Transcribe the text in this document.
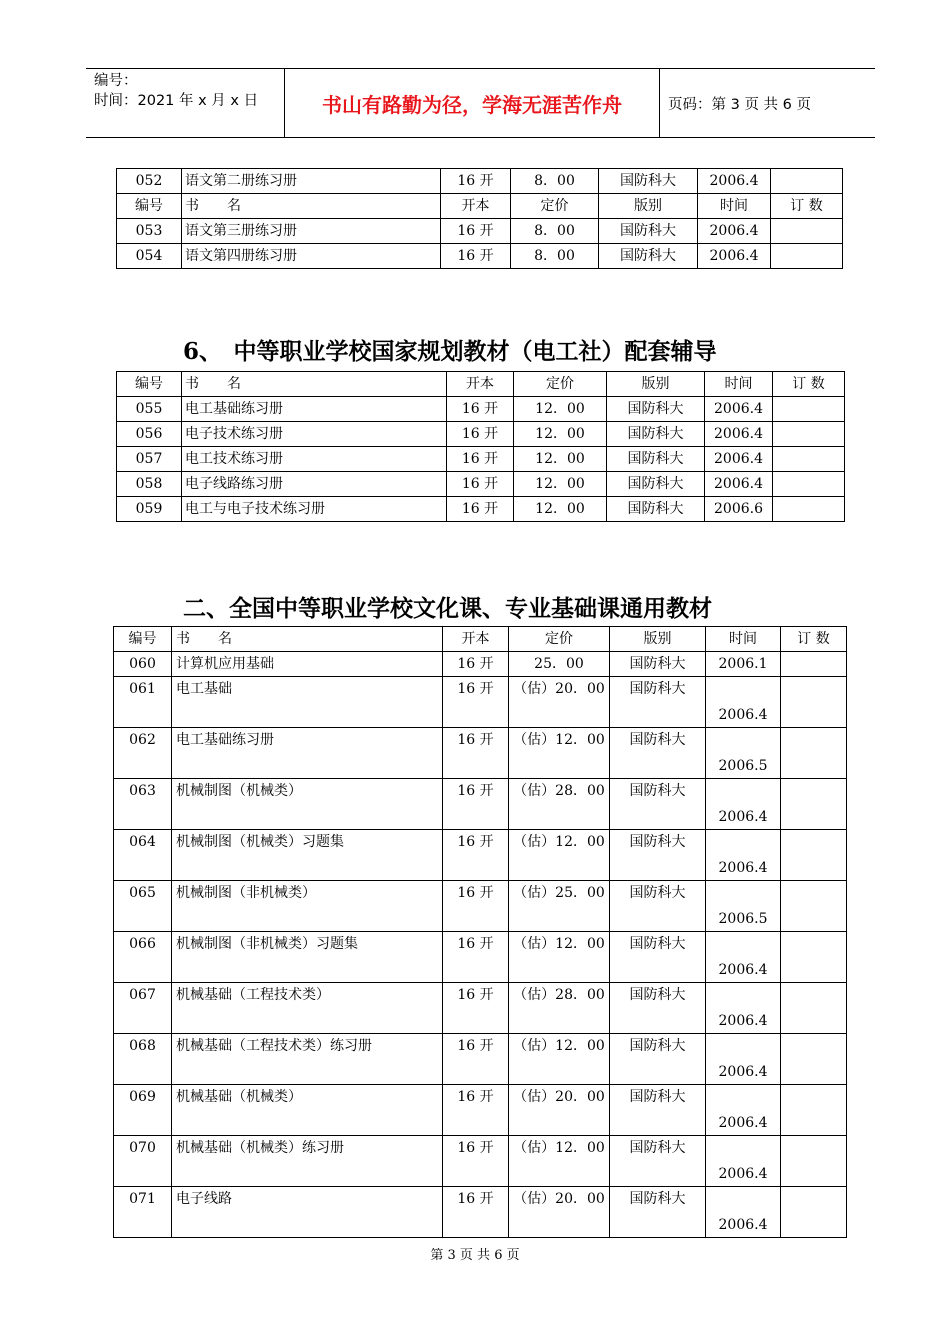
编号：
时间：2021 年 x 月 x 日	书山有路勤为径，学海无涯苦作舟	页码：第 3 页 共 6 页
052	语文第二册练习册	16 开	8．00	国防科大	2006.4	
编号	书　　名	开本	定价	版别	时间	订 数
053	语文第三册练习册	16 开	8．00	国防科大	2006.4	
054	语文第四册练习册	16 开	8．00	国防科大	2006.4	
6、　中等职业学校国家规划教材（电工社）配套辅导
编号	书　　名	开本	定价	版别	时间	订 数
055	电工基础练习册	16 开	12．00	国防科大	2006.4	
056	电子技术练习册	16 开	12．00	国防科大	2006.4	
057	电工技术练习册	16 开	12．00	国防科大	2006.4	
058	电子线路练习册	16 开	12．00	国防科大	2006.4	
059	电工与电子技术练习册	16 开	12．00	国防科大	2006.6	
二、全国中等职业学校文化课、专业基础课通用教材
编号	书　　名	开本	定价	版别	时间	订 数
060	计算机应用基础	16 开	25．00	国防科大	2006.1	
061	电工基础	16 开	（估）20．00	国防科大	2006.4	
062	电工基础练习册	16 开	（估）12．00	国防科大	2006.5	
063	机械制图（机械类）	16 开	（估）28．00	国防科大	2006.4	
064	机械制图（机械类）习题集	16 开	（估）12．00	国防科大	2006.4	
065	机械制图（非机械类）	16 开	（估）25．00	国防科大	2006.5	
066	机械制图（非机械类）习题集	16 开	（估）12．00	国防科大	2006.4	
067	机械基础（工程技术类）	16 开	（估）28．00	国防科大	2006.4	
068	机械基础（工程技术类）练习册	16 开	（估）12．00	国防科大	2006.4	
069	机械基础（机械类）	16 开	（估）20．00	国防科大	2006.4	
070	机械基础（机械类）练习册	16 开	（估）12．00	国防科大	2006.4	
071	电子线路	16 开	（估）20．00	国防科大	2006.4	
第 3 页 共 6 页
